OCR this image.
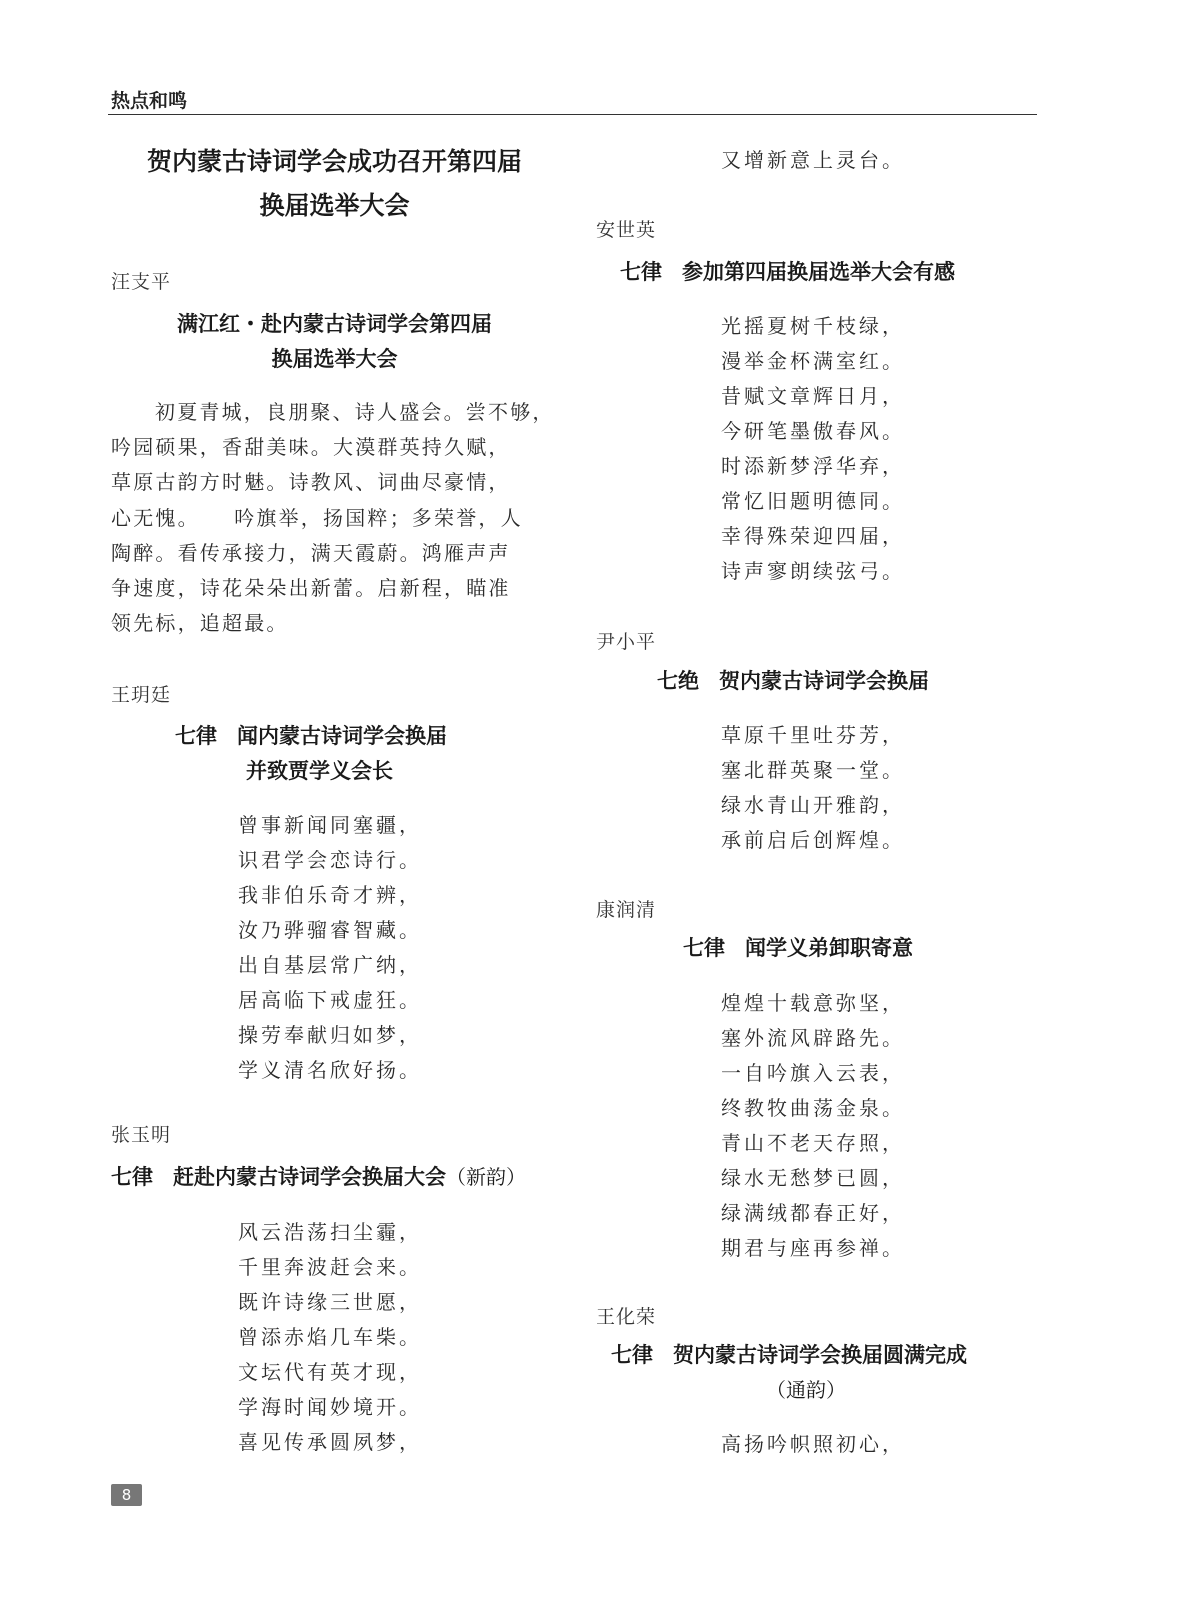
热点和鸣
贺内蒙古诗词学会成功召开第四届
换届选举大会
汪支平
满江红・赴内蒙古诗词学会第四届
换届选举大会
初夏青城，良朋聚、诗人盛会。尝不够，
吟园硕果，香甜美味。大漠群英持久赋，
草原古韵方时魅。诗教风、词曲尽豪情，
心无愧。　　吟旗举，扬国粹；多荣誉，人
陶醉。看传承接力，满天霞蔚。鸿雁声声
争速度，诗花朵朵出新蕾。启新程，瞄准
领先标，追超最。
王玥廷
七律 闻内蒙古诗词学会换届
并致贾学义会长
曾事新闻同塞疆，
识君学会恋诗行。
我非伯乐奇才辨，
汝乃骅骝睿智藏。
出自基层常广纳，
居高临下戒虚狂。
操劳奉献归如梦，
学义清名欣好扬。
张玉明
七律 赶赴内蒙古诗词学会换届大会（新韵）
风云浩荡扫尘霾，
千里奔波赶会来。
既许诗缘三世愿，
曾添赤焰几车柴。
文坛代有英才现，
学海时闻妙境开。
喜见传承圆夙梦，
又增新意上灵台。
安世英
七律 参加第四届换届选举大会有感
光摇夏树千枝绿，
漫举金杯满室红。
昔赋文章辉日月，
今研笔墨傲春风。
时添新梦浮华弃，
常忆旧题明德同。
幸得殊荣迎四届，
诗声寥朗续弦弓。
尹小平
七绝 贺内蒙古诗词学会换届
草原千里吐芬芳，
塞北群英聚一堂。
绿水青山开雅韵，
承前启后创辉煌。
康润清
七律 闻学义弟卸职寄意
煌煌十载意弥坚，
塞外流风辟路先。
一自吟旗入云表，
终教牧曲荡金泉。
青山不老天存照，
绿水无愁梦已圆，
绿满绒都春正好，
期君与座再参禅。
王化荣
七律 贺内蒙古诗词学会换届圆满完成
（通韵）
高扬吟帜照初心，
8
